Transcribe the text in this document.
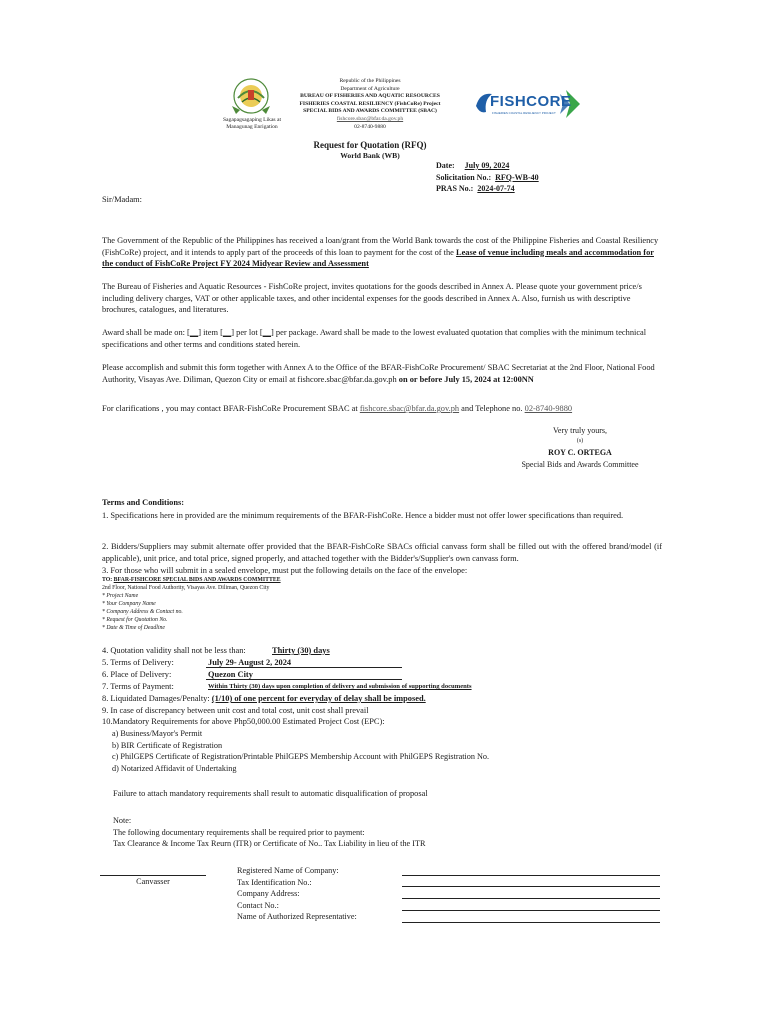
Sagapagsagaping Likas at
Managunag Enrigation
Republic of the Philippines
Department of Agriculture
BUREAU OF FISHERIES AND AQUATIC RESOURCES
FISHERIES COASTAL RESILIENCY (FishCoRe) Project
SPECIAL BIDS AND AWARDS COMMITTEE (SBAC)
fishcore.sbac@bfar.da.gov.ph
02-8740-9880
FISHCORE
FISHERIES COASTAL RESILIENCY PROJECT
Request for Quotation (RFQ)
World Bank (WB)
Date: July 09, 2024
Solicitation No.: RFQ-WB-40
PRAS No.: 2024-07-74
Sir/Madam:

The Government of the Republic of the Philippines has received a loan/grant from the World Bank towards the cost of the Philippine Fisheries and Coastal Resiliency (FishCoRe) project, and it intends to apply part of the proceeds of this loan to payment for the cost of the Lease of venue including meals and accommodation for the conduct of FishCoRe Project FY 2024 Midyear Review and Assessment

The Bureau of Fisheries and Aquatic Resources - FishCoRe project, invites quotations for the goods described in Annex A. Please quote your government price/s including delivery charges, VAT or other applicable taxes, and other incidental expenses for the goods described in Annex A. Also, furnish us with descriptive brochures, catalogues, and literatures.

Award shall be made on: [__] item [__] per lot [__] per package. Award shall be made to the lowest evaluated quotation that complies with the minimum technical specifications and other terms and conditions stated herein.

Please accomplish and submit this form together with Annex A to the Office of the BFAR-FishCoRe Procurement/ SBAC Secretariat at the 2nd Floor, National Food Authority, Visayas Ave. Diliman, Quezon City or email at fishcore.sbac@bfar.da.gov.ph on or before July 15, 2024 at 12:00NN

For clarifications , you may contact BFAR-FishCoRe Procurement SBAC at fishcore.sbac@bfar.da.gov.ph and Telephone no. 02-8740-9880

Very truly yours,
(s)
ROY C. ORTEGA
Special Bids and Awards Committee
Terms and Conditions:

1. Specifications here in provided are the minimum requirements of the BFAR-FishCoRe. Hence a bidder must not offer lower specifications than required.

2. Bidders/Suppliers may submit alternate offer provided that the BFAR-FishCoRe SBACs official canvass form shall be filled out with the offered brand/model (if applicable), unit price, and total price, signed properly, and attached together with the Bidder's/Supplier's own canvass form.

3. For those who will submit in a sealed envelope, must put the following details on the face of the envelope:

TO: BFAR-FISHCORE SPECIAL BIDS AND AWARDS COMMITTEE
2nd Floor, National Food Authority, Visayas Ave. Diliman, Quezon City
* Project Name
* Your Company Name
* Company Address & Contact no.
* Request for Quotation No.
* Date & Time of Deadline
4. Quotation validity shall not be less than:	Thirty (30) days
5. Terms of Delivery:	July 29- August 2, 2024
6. Place of Delivery:	Quezon City
7. Terms of Payment:	Within Thirty (30) days upon completion of delivery and submission of supporting documents
8. Liquidated Damages/Penalty: (1/10) of one percent for everyday of delay shall be imposed.
9. In case of discrepancy between unit cost and total cost, unit cost shall prevail
10.Mandatory Requirements for above Php50,000.00 Estimated Project Cost (EPC):
a) Business/Mayor's Permit
b) BIR Certificate of Registration
c) PhilGEPS Certificate of Registration/Printable PhilGEPS Membership Account with PhilGEPS Registration No.
d) Notarized Affidavit of Undertaking
Failure to attach mandatory requirements shall result to automatic disqualification of proposal
Note:
The following documentary requirements shall be required prior to payment:
Tax Clearance & Income Tax Reurn (ITR) or Certificate of No.. Tax Liability in lieu of the ITR
Canvasser
Registered Name of Company:
Tax Identification No.:
Company Address:
Contact No.:
Name of Authorized Representative:
